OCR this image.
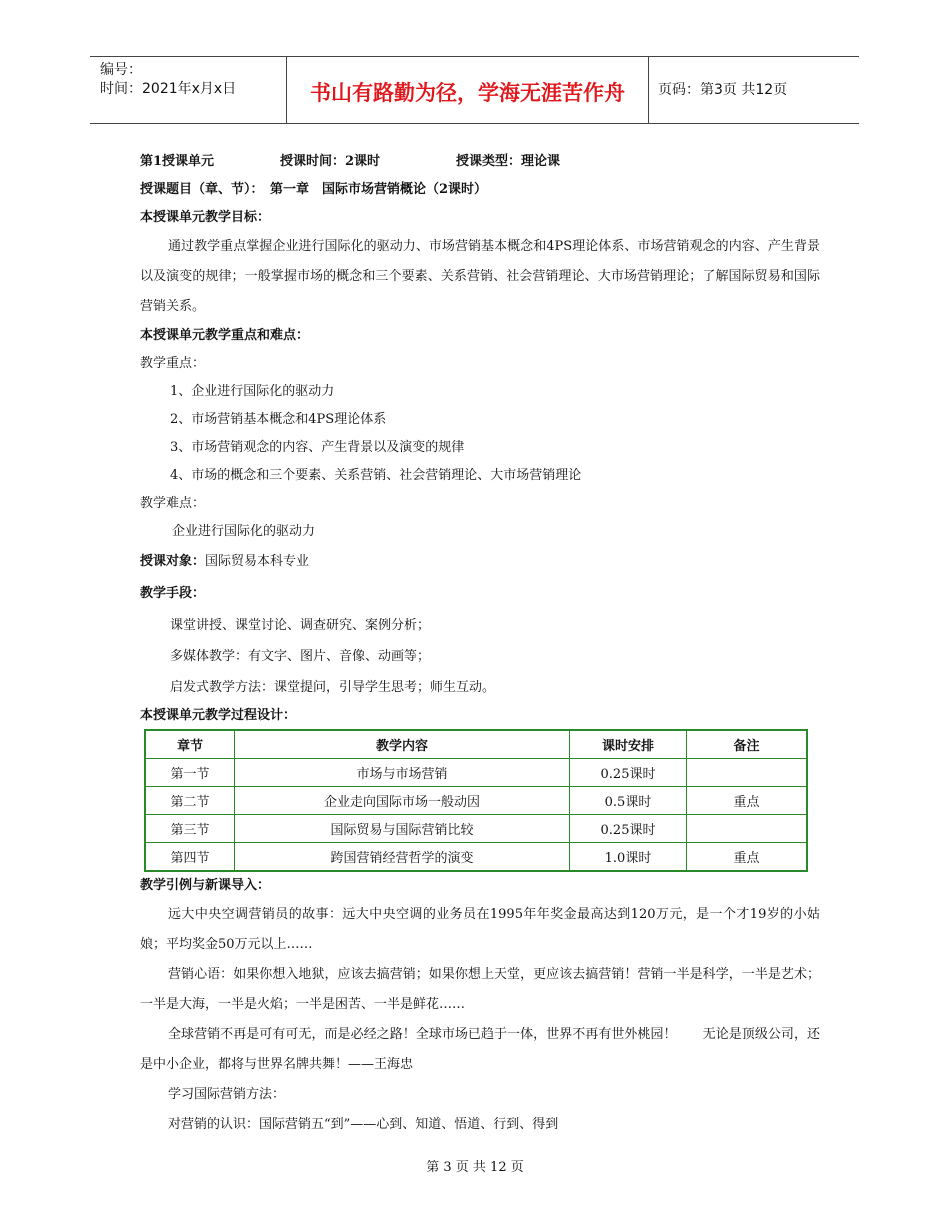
编号：
时间：2021年x月x日	书山有路勤为径，学海无涯苦作舟	页码：第3页 共12页
第1授课单元	授课时间：2课时	授课类型：理论课
授课题目（章、节）：　第一章　国际市场营销概论（2课时）
本授课单元教学目标：

通过教学重点掌握企业进行国际化的驱动力、市场营销基本概念和4PS理论体系、市场营销观念的内容、产生背景以及演变的规律；一般掌握市场的概念和三个要素、关系营销、社会营销理论、大市场营销理论；了解国际贸易和国际营销关系。

本授课单元教学重点和难点：
教学重点：
1、企业进行国际化的驱动力
2、市场营销基本概念和4PS理论体系
3、市场营销观念的内容、产生背景以及演变的规律
4、市场的概念和三个要素、关系营销、社会营销理论、大市场营销理论
教学难点：
企业进行国际化的驱动力
授课对象：国际贸易本科专业
教学手段：
课堂讲授、课堂讨论、调查研究、案例分析；
多媒体教学：有文字、图片、音像、动画等；
启发式教学方法：课堂提问，引导学生思考；师生互动。
本授课单元教学过程设计：
章节	教学内容	课时安排	备注
第一节	市场与市场营销	0.25课时	
第二节	企业走向国际市场一般动因	0.5课时	重点
第三节	国际贸易与国际营销比较	0.25课时	
第四节	跨国营销经营哲学的演变	1.0课时	重点
教学引例与新课导入：

远大中央空调营销员的故事：远大中央空调的业务员在1995年年奖金最高达到120万元，是一个才19岁的小姑娘；平均奖金50万元以上……

营销心语：如果你想入地狱，应该去搞营销；如果你想上天堂，更应该去搞营销！营销一半是科学，一半是艺术；一半是大海，一半是火焰；一半是困苦、一半是鲜花……

全球营销不再是可有可无，而是必经之路！全球市场已趋于一体，世界不再有世外桃园！　　无论是顶级公司，还是中小企业，都将与世界名牌共舞！——王海忠

学习国际营销方法：

对营销的认识：国际营销五“到”——心到、知道、悟道、行到、得到

第 3 页 共 12 页
